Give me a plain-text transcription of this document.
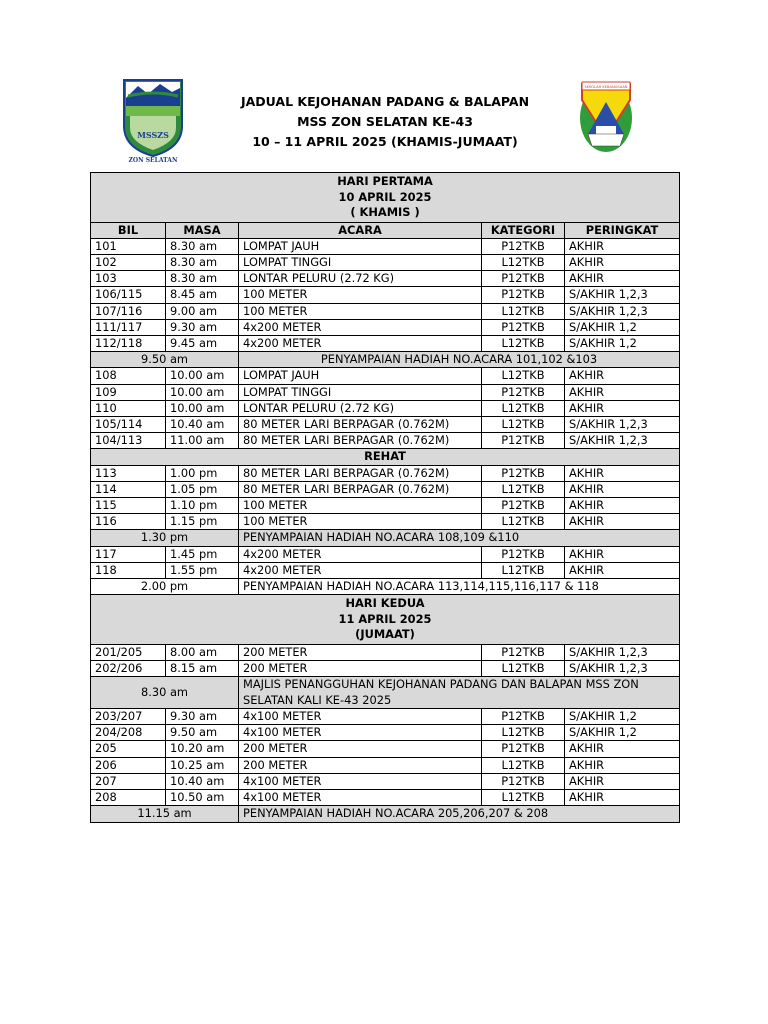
MSSZS
ZON SELATAN
JADUAL KEJOHANAN PADANG & BALAPAN
MSS ZON SELATAN KE-43
10 – 11 APRIL 2025 (KHAMIS-JUMAAT)
SEKOLAH KEBANGSAAN
HARI PERTAMA
10 APRIL 2025
( KHAMIS )				

BIL	MASA	ACARA	KATEGORI	PERINGKAT
101	8.30 am	LOMPAT JAUH	P12TKB	AKHIR
102	8.30 am	LOMPAT TINGGI	L12TKB	AKHIR
103	8.30 am	LONTAR PELURU (2.72 KG)	P12TKB	AKHIR
106/115	8.45 am	100 METER	P12TKB	S/AKHIR 1,2,3
107/116	9.00 am	100 METER	L12TKB	S/AKHIR 1,2,3
111/117	9.30 am	4x200 METER	P12TKB	S/AKHIR 1,2
112/118	9.45 am	4x200 METER	L12TKB	S/AKHIR 1,2
9.50 am		PENYAMPAIAN HADIAH NO.ACARA 101,102 &103		
108	10.00 am	LOMPAT JAUH	L12TKB	AKHIR
109	10.00 am	LOMPAT TINGGI	P12TKB	AKHIR
110	10.00 am	LONTAR PELURU (2.72 KG)	L12TKB	AKHIR
105/114	10.40 am	80 METER LARI BERPAGAR (0.762M)	L12TKB	S/AKHIR 1,2,3
104/113	11.00 am	80 METER LARI BERPAGAR (0.762M)	P12TKB	S/AKHIR 1,2,3
REHAT				
113	1.00 pm	80 METER LARI BERPAGAR (0.762M)	P12TKB	AKHIR
114	1.05 pm	80 METER LARI BERPAGAR (0.762M)	L12TKB	AKHIR
115	1.10 pm	100 METER	P12TKB	AKHIR
116	1.15 pm	100 METER	L12TKB	AKHIR
1.30 pm		PENYAMPAIAN HADIAH NO.ACARA 108,109 &110		
117	1.45 pm	4x200 METER	P12TKB	AKHIR
118	1.55 pm	4x200 METER	L12TKB	AKHIR
2.00 pm		PENYAMPAIAN HADIAH NO.ACARA 113,114,115,116,117 & 118		

HARI KEDUA
11 APRIL 2025
(JUMAAT)				

201/205	8.00 am	200 METER	P12TKB	S/AKHIR 1,2,3
202/206	8.15 am	200 METER	L12TKB	S/AKHIR 1,2,3
8.30 am		MAJLIS PENANGGUHAN KEJOHANAN PADANG DAN BALAPAN MSS ZON SELATAN KALI KE-43 2025		
203/207	9.30 am	4x100 METER	P12TKB	S/AKHIR 1,2
204/208	9.50 am	4x100 METER	L12TKB	S/AKHIR 1,2
205	10.20 am	200 METER	P12TKB	AKHIR
206	10.25 am	200 METER	L12TKB	AKHIR
207	10.40 am	4x100 METER	P12TKB	AKHIR
208	10.50 am	4x100 METER	L12TKB	AKHIR
11.15 am		PENYAMPAIAN HADIAH NO.ACARA 205,206,207 & 208		
